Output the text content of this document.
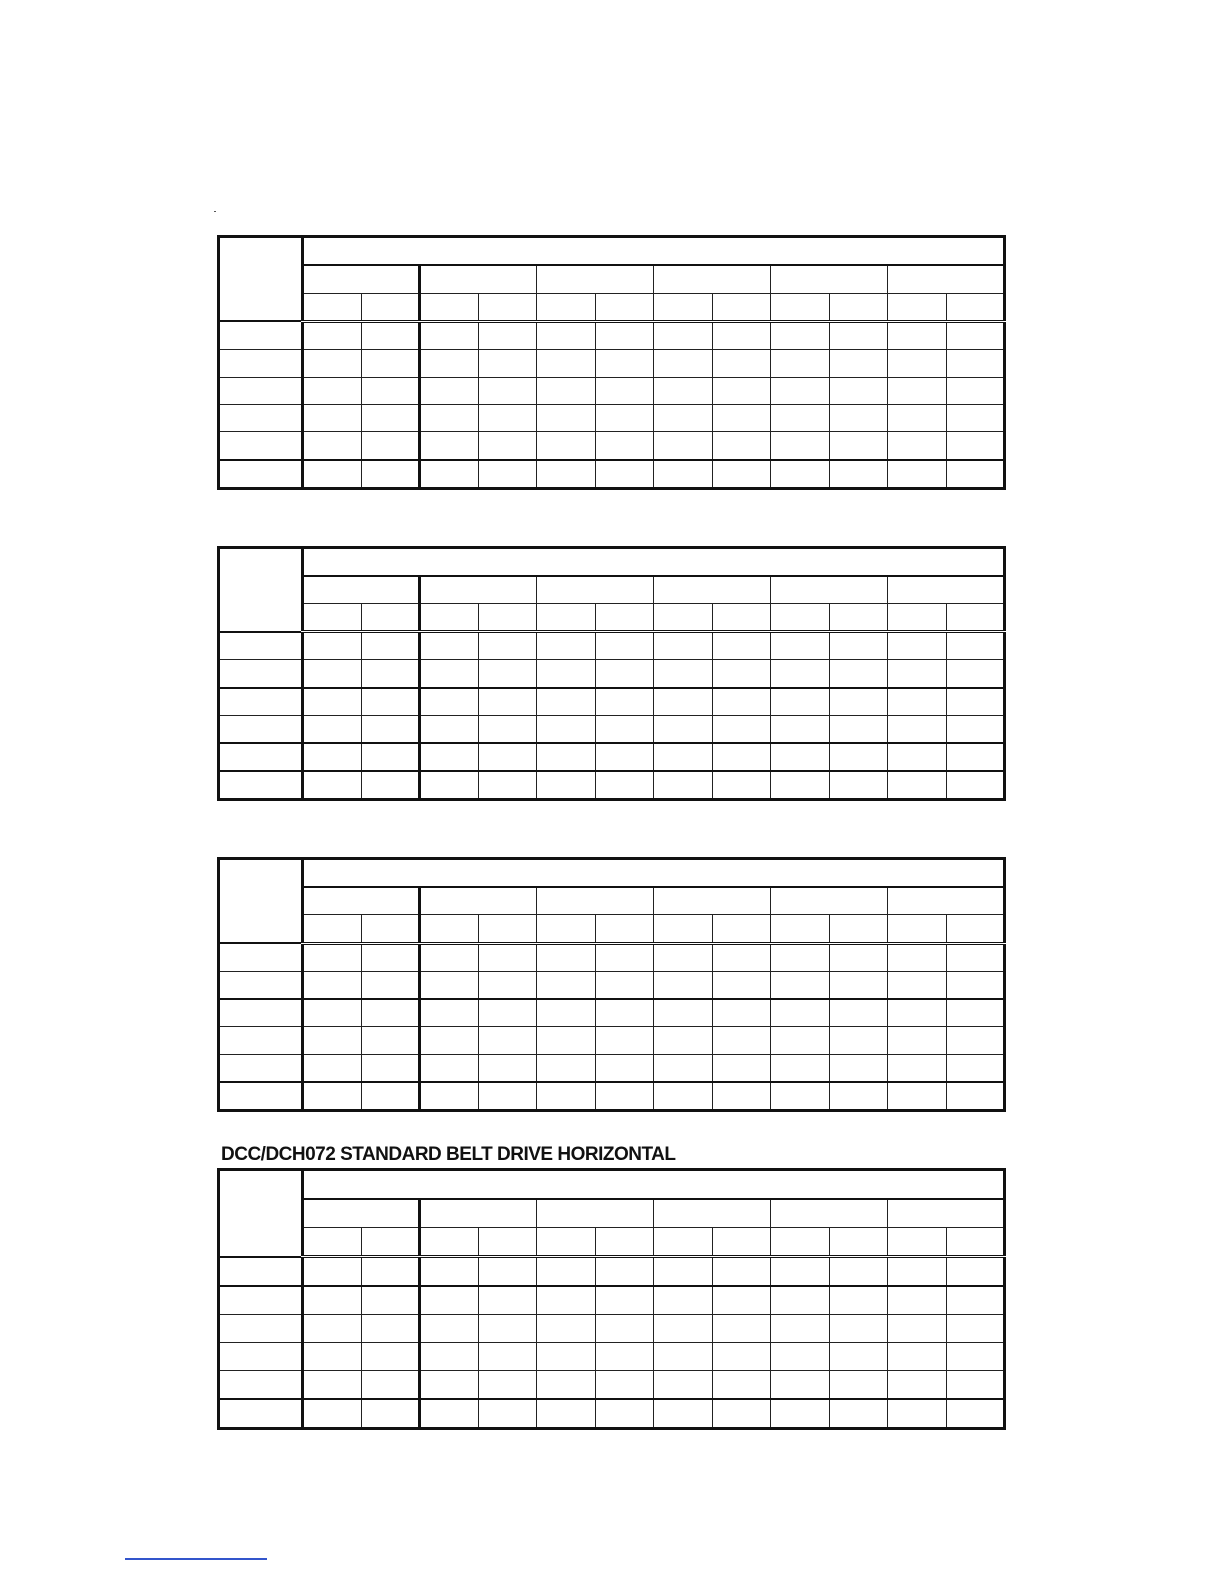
DCC/DCH072 STANDARD BELT DRIVE HORIZONTAL
